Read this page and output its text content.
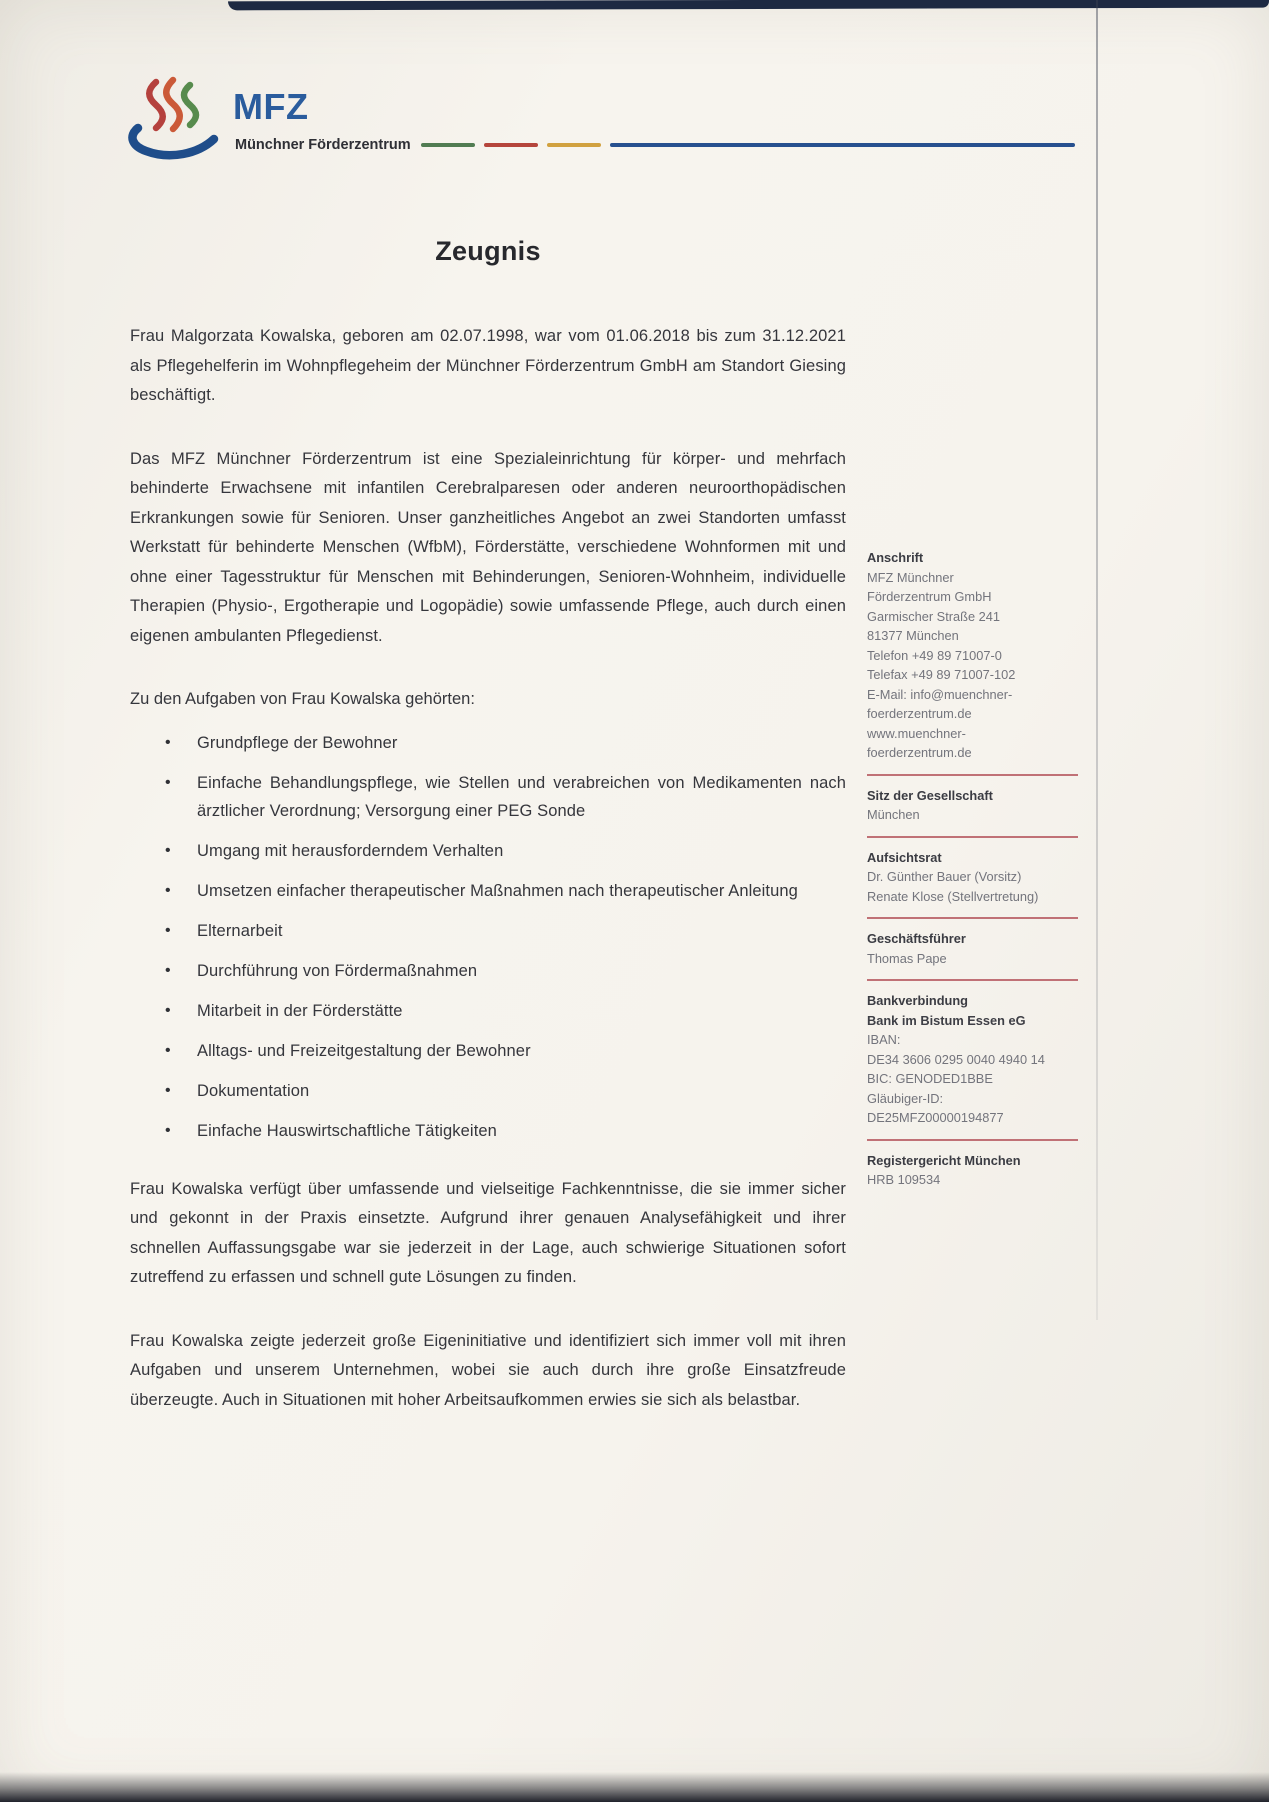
MFZ
Münchner Förderzentrum
Zeugnis

Frau Malgorzata Kowalska, geboren am 02.07.1998, war vom 01.06.2018 bis zum 31.12.2021 als Pflegehelferin im Wohnpflegeheim der Münchner Förderzentrum GmbH am Standort Giesing beschäftigt.

Das MFZ Münchner Förderzentrum ist eine Spezialeinrichtung für körper- und mehrfach behinderte Erwachsene mit infantilen Cerebralparesen oder anderen neuroorthopädischen Erkrankungen sowie für Senioren. Unser ganzheitliches Angebot an zwei Standorten umfasst Werkstatt für behinderte Menschen (WfbM), Förderstätte, verschiedene Wohnformen mit und ohne einer Tagesstruktur für Menschen mit Behinderungen, Senioren-Wohnheim, individuelle Therapien (Physio-, Ergotherapie und Logopädie) sowie umfassende Pflege, auch durch einen eigenen ambulanten Pflegedienst.

Zu den Aufgaben von Frau Kowalska gehörten:

•	Grundpflege der Bewohner
•	Einfache Behandlungspflege, wie Stellen und verabreichen von Medikamenten nach ärztlicher Verordnung; Versorgung einer PEG Sonde
•	Umgang mit herausforderndem Verhalten
•	Umsetzen einfacher therapeutischer Maßnahmen nach therapeutischer Anleitung
•	Elternarbeit
•	Durchführung von Fördermaßnahmen
•	Mitarbeit in der Förderstätte
•	Alltags- und Freizeitgestaltung der Bewohner
•	Dokumentation
•	Einfache Hauswirtschaftliche Tätigkeiten

Frau Kowalska verfügt über umfassende und vielseitige Fachkenntnisse, die sie immer sicher und gekonnt in der Praxis einsetzte. Aufgrund ihrer genauen Analysefähigkeit und ihrer schnellen Auffassungsgabe war sie jederzeit in der Lage, auch schwierige Situationen sofort zutreffend zu erfassen und schnell gute Lösungen zu finden.

Frau Kowalska zeigte jederzeit große Eigeninitiative und identifiziert sich immer voll mit ihren Aufgaben und unserem Unternehmen, wobei sie auch durch ihre große Einsatzfreude überzeugte. Auch in Situationen mit hoher Arbeitsaufkommen erwies sie sich als belastbar.

Anschrift
MFZ Münchner
Förderzentrum GmbH
Garmischer Straße 241
81377 München
Telefon +49 89 71007-0
Telefax +49 89 71007-102
E-Mail: info@muenchner-
foerderzentrum.de
www.muenchner-
foerderzentrum.de
Sitz der Gesellschaft
München
Aufsichtsrat
Dr. Günther Bauer (Vorsitz)
Renate Klose (Stellvertretung)
Geschäftsführer
Thomas Pape
Bankverbindung
Bank im Bistum Essen eG
IBAN:
DE34 3606 0295 0040 4940 14
BIC: GENODED1BBE
Gläubiger-ID:
DE25MFZ00000194877
Registergericht München
HRB 109534
